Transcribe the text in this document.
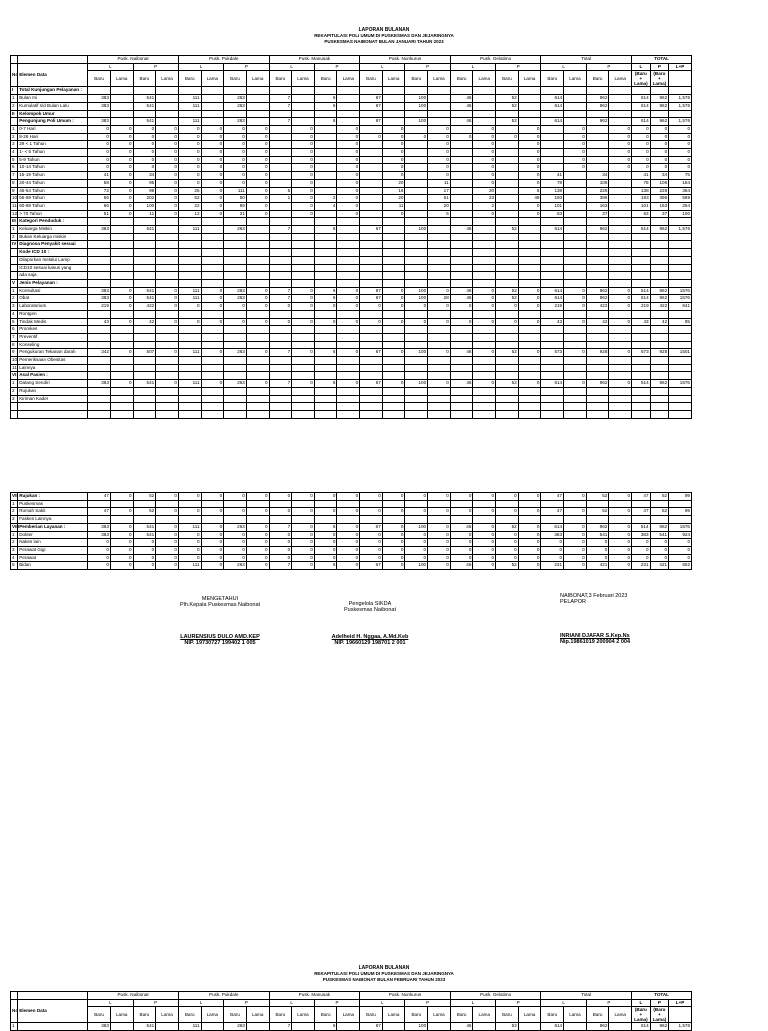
LAPORAN BULANAN
REKAPITULASI POLI UMUM DI PUSKESMAS DAN JEJARINGNYA
PUSKESMAS NAIBONAT BULAN JANUARI TAHUN 2023
		Pusk. Naibonat				Pusk. Pukdale				Pusk. Manusak				Pusk. Nunkurus				Pusk. Oelatimo				Total				TOTAL		
No	Elemen Data	L		P		L		P		L		P		L		P		L		P		L		P		L	P	L+P
		Baru	Lama	Baru	Lama	Baru	Lama	Baru	Lama	Baru	Lama	Baru	Lama	Baru	Lama	Baru	Lama	Baru	Lama	Baru	Lama	Baru	Lama	Baru	Lama	(Baru + Lama)	(Baru + Lama)	
I	Total Kunjungan Pelayanan :																											
1	Bulan Ini	383		541		111		263		7		6		67		100		46		52		614		962		614	962	1,576
2	Kumulatif s/d Bulan Lalu	383		541		111		263		7		6		67		100		46		52		614		962		614	962	1,576
II	Kelompok Umur																											
	Pengunjung Poli Umum :	383		541		111		263		7		6		67		100		46		52		614		962		614	962	1,576
1	0-7 Hari	0	0	0	0	0	0	0	0		0		0		0		0		0		0		0		0	0	0	0
2	8-28 Hari	0	0	0	0	0	0	0	0		0		0	0	0	0	0	0	0	0	0		0		0	0	0	0
3	29 < 1 Tahun	0	0	0	0	0	0	0	0		0		0		0		0		0		0		0		0	0	0	0
4	1- < 5 Tahun	0	0	0	0	0	0	0	0		0		0		0		0		0		0		0		0	0	0	0
5	5-9 Tahun	0	0	0	0	0	0	0	0		0		0		0		0		0		0		0		0	0	0	0
6	10-14 Tahun	0	0	0	0	0	0	0	0		0		0		0		0		0		0		0		0	0	0	0
7	15-19 Tahun	41	0	34	0	0	0	0	0		0		0		0		0		0		0	41		34		41	34	75
8	20-44 Tahun	58	0	95	0	0	0	0	0		0		0		20		11		0		0	78		106		78	106	184
9	45-54 Tahun	72	0	99	0	25	0	111	0	5	0		0		16		17		20		5	138		226		138	226	364
10	55-59 Tahun	56	0	202	0	52	0	50	0	1	0	2	0		20		51		23		49	193		396		193	396	589
11	60-69 Tahun	66	0	100	0	22	0	89	0		0	4	0		11		20		2		0	101		163		101	163	264
12	> 70 Tahun	51	0	11	0	12	0	21	0		0		0		0		5		0		0	63		37		63	37	100
III	Kategori Penduduk :																											
1	Keluarga Miskin	383		541		111		263		7		6		67		100		46		52		614		962		614	962	1,576
2	Bukan Keluarga miskin																											
IV	Diagnosa Penyakit sesuai																											
	Kode ICD 10 :																											
	Dilaporkan melalui Lamp																											
	ICD10 sesuai kasus yang																											
	ada saja																											
V	Jenis Pelayanan :																											
1	Konsultasi	383	0	541	0	111	0	263	0	7	0	6	0	67	0	100	0	46	0	52	0	614	0	962	0	614	962	1576
2	Obat	383	0	541	0	111	0	263	0	7	0	6	0	67	0	100	28	46	0	52	0	614	0	962	0	614	962	1576
3	Laboratorium	219	0	422	0	0	0	0	0	0	0	0	0	0	0	0	0	0	0	0	0	219	0	422	0	219	422	641
4	Rontgen																											
5	Tindak Medis	43	0	42	0	0	0	0	0	0	0	0	0	0	0	0	0	0	0	0	0	43	0	42	0	43	42	85
6	Promkes																											
7	Preventif																											
8	Konseling																											
9	Pengukuran Tekanan darah	342	0	507	0	111	0	263	0	7	0	6	0	67	0	100	0	46	0	52	0	573	0	928	0	573	928	1501
10	Pemeriksaan Obesitas																											
11	Lainnya																											
VI	Asal Pasien :																											
1	Datang Sendiri	383	0	541	0	111	0	263	0	7	0	6	0	67	0	100	0	46	0	52	0	614	0	962	0	614	962	1576
2	Rujukan																											
3	Kiriman Kader																											

VII	Rujukan :	47	0	52	0	0	0	0	0	0	0	0	0	0	0	0	0	0	0	0	0	47	0	52	0	47	52	99
1	Puskesmas																											
2	Rumah Sakit	47	0	52	0	0	0	0	0	0	0	0	0	0	0	0	0	0	0	0	0	47	0	52	0	47	52	99
3	Faskes Lainnya																											
VIII	Pemberian Layanan :	383	0	541	0	111	0	263	0	7	0	6	0	67	0	100	0	46	0	52	0	614	0	962	0	614	962	1576
1	Dokter	383	0	541	0	0	0	0	0	0	0	0	0	0	0	0	0	0	0	0	0	383	0	541	0	383	541	924
2	Nakes lain	0	0	0	0	0	0	0	0	0	0	0	0	0	0	0	0	0	0	0	0	0	0	0	0	0	0	0
3	Perawat Gigi	0	0	0	0	0	0	0	0	0	0	0	0	0	0	0	0	0	0	0	0	0	0	0	0	0	0	0
4	Perawat	0	0	0	0	0	0	0	0	0	0	0	0	0	0	0	0	0	0	0	0	0	0	0	0	0	0	0
5	Bidan	0	0	0	0	111	0	263	0	7	0	6	0	67	0	100	0	46	0	52	0	231	0	421	0	231	421	652
MENGETAHUI
Plh.Kepala Puskesmas Naibonat
LAURENSIUS DULO AMD.KEP
NIP. 19730727 199402 1 005
Pengelola SIKDA
Puskesmas Naibonat
Adelheid H. Nggaa, A.Md.Keb
NIP. 19660129 198701 2 001
NAIBONAT,3 Februari 2023
PELAPOR
INRIANI DJAFAR S.Kep.Ns
Nip.19861019 200904 2 004
LAPORAN BULANAN
REKAPITULASI POLI UMUM DI PUSKESMAS DAN JEJARINGNYA
PUSKESMAS NAIBONAT BULAN FEBRUARI TAHUN 2023
		Pusk. Naibonat				Pusk. Pukdale				Pusk. Manusak				Pusk. Nunkurus				Pusk. Oelatimo				Total				TOTAL		
No	Elemen Data	L		P		L		P		L		P		L		P		L		P		L		P		L	P	L+P
		Baru	Lama	Baru	Lama	Baru	Lama	Baru	Lama	Baru	Lama	Baru	Lama	Baru	Lama	Baru	Lama	Baru	Lama	Baru	Lama	Baru	Lama	Baru	Lama	(Baru + Lama)	(Baru + Lama)	
1		383		541		111		263		7		6		67		100		46		52		614		962		614	962	1,576
